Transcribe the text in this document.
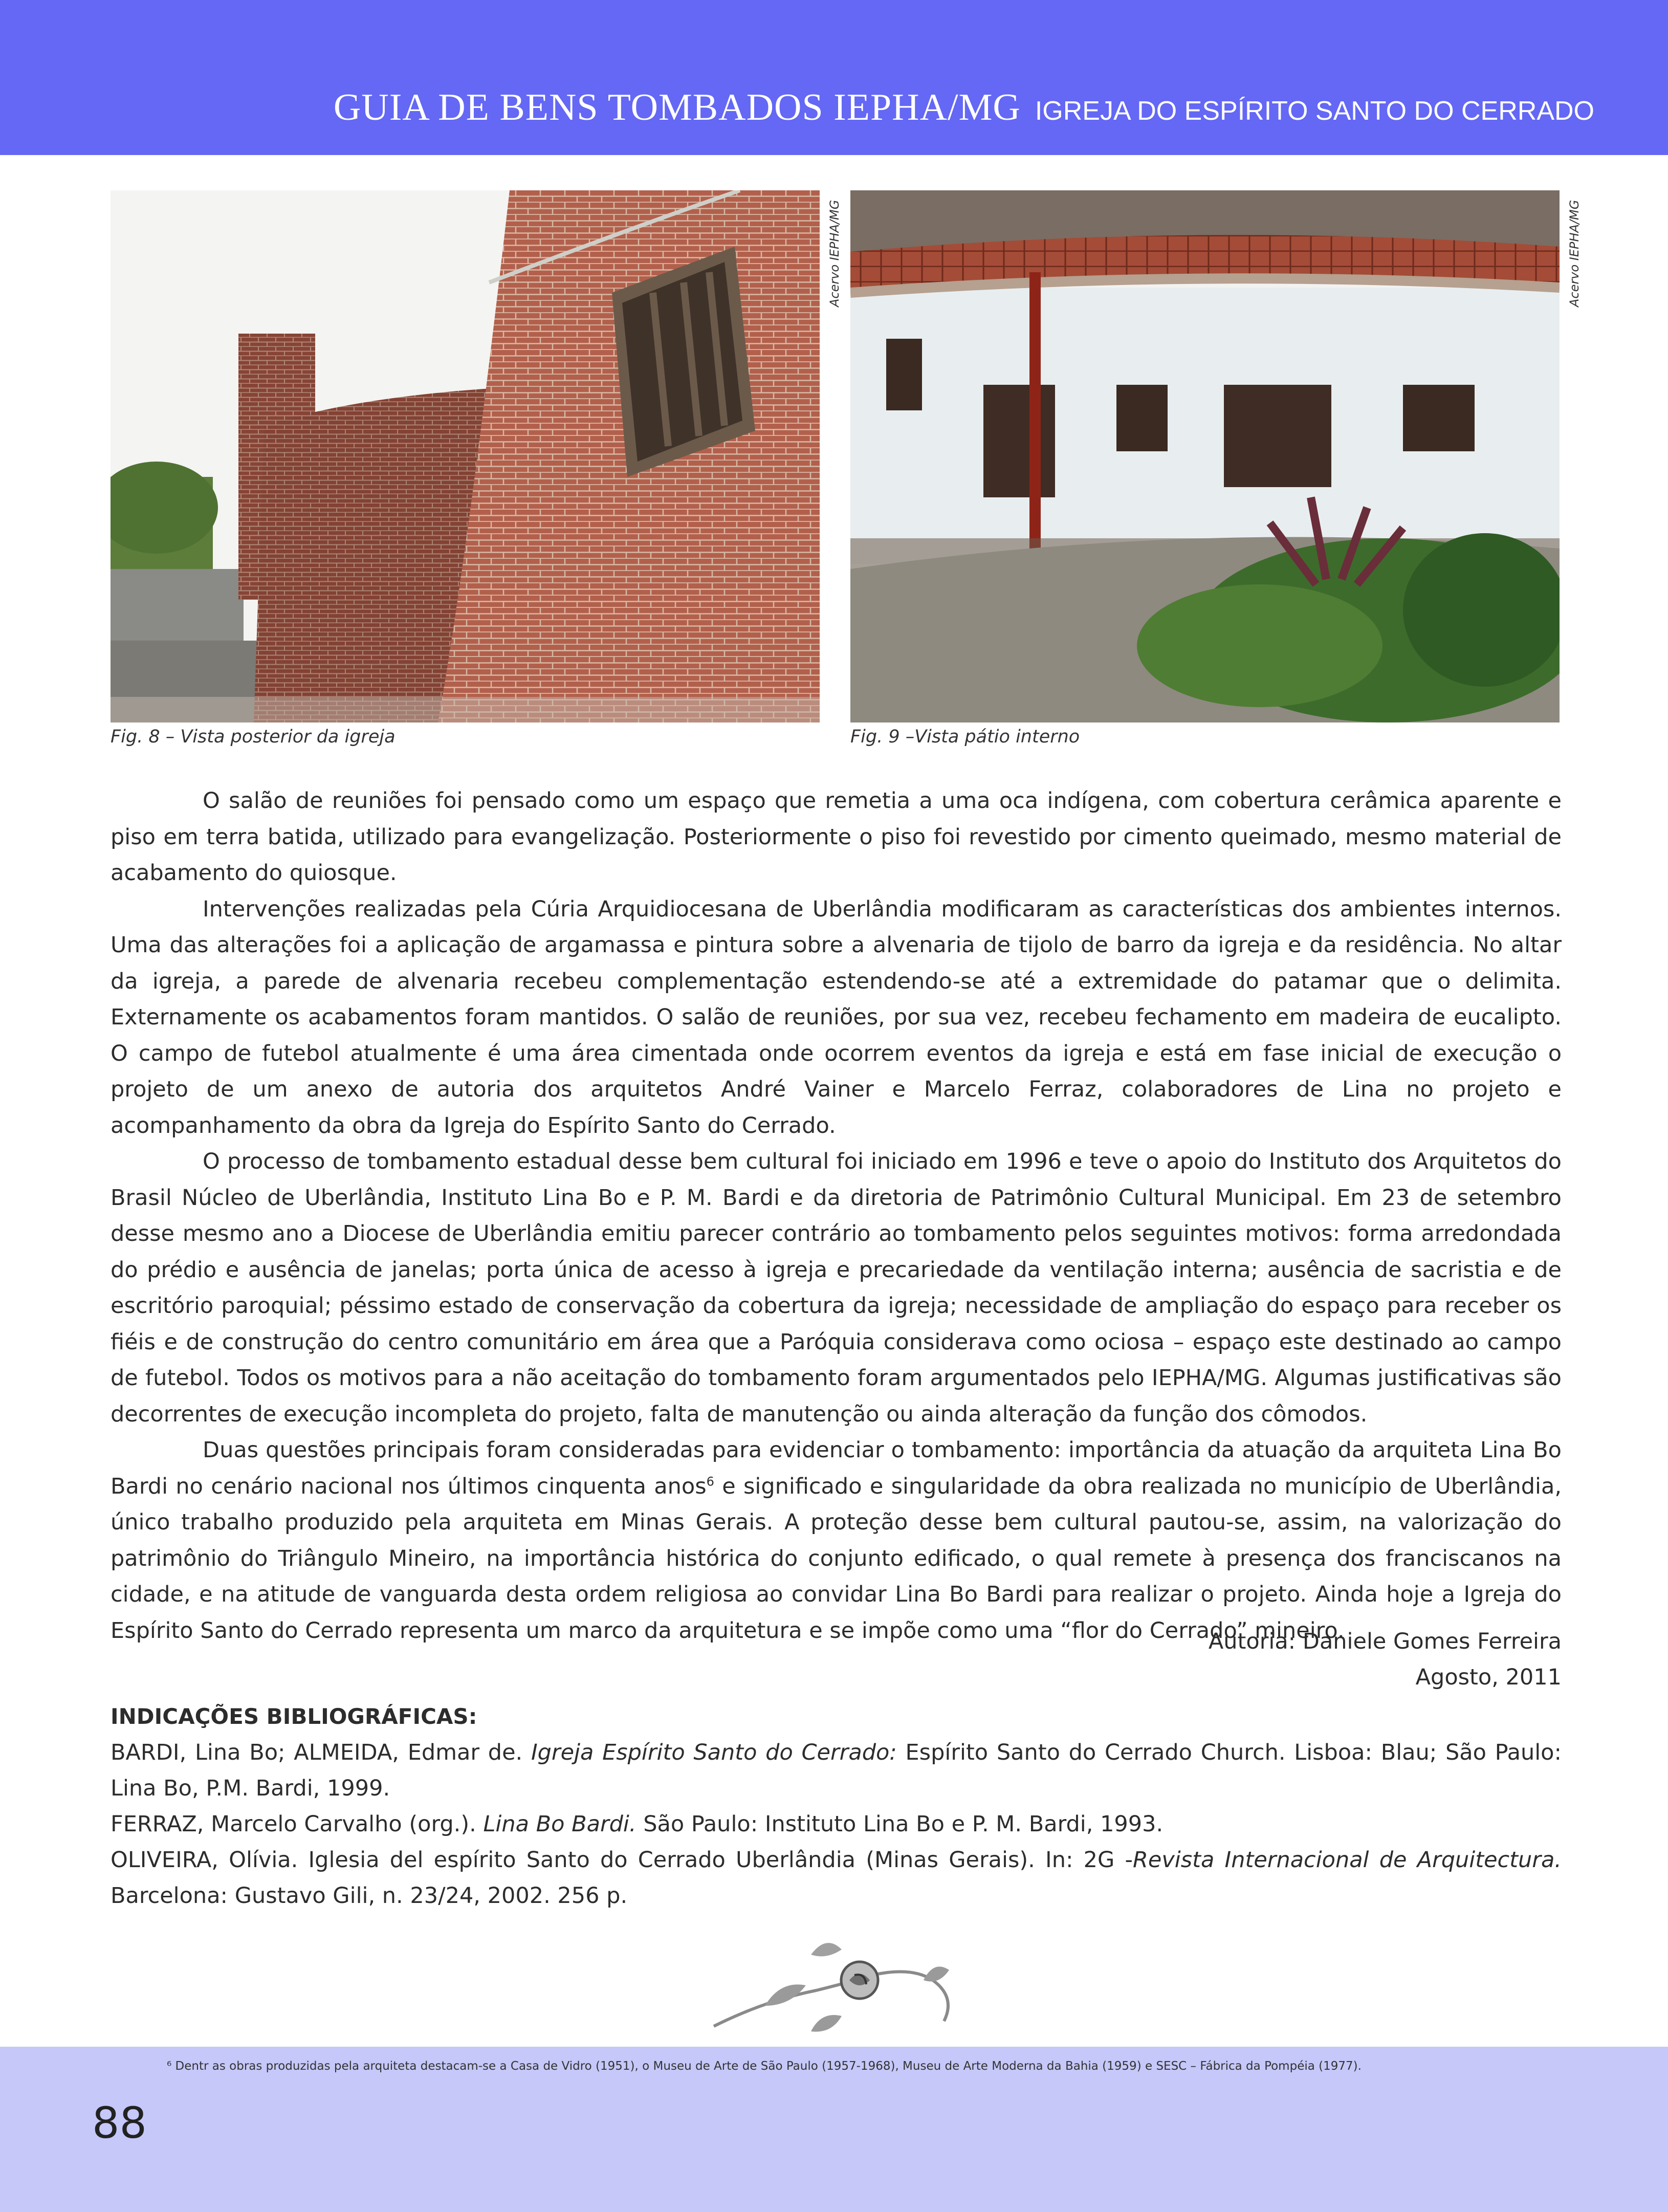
GUIA DE BENS TOMBADOS IEPHA/MG IGREJA DO ESPÍRITO SANTO DO CERRADO
Acervo IEPHA/MG
Fig. 8 – Vista posterior da igreja
Acervo IEPHA/MG
Fig. 9 –Vista pátio interno

O salão de reuniões foi pensado como um espaço que remetia a uma oca indígena, com cobertura cerâmica aparente e piso em terra batida, utilizado para evangelização. Posteriormente o piso foi revestido por cimento queimado, mesmo material de acabamento do quiosque.

Intervenções realizadas pela Cúria Arquidiocesana de Uberlândia modificaram as características dos ambientes internos. Uma das alterações foi a aplicação de argamassa e pintura sobre a alvenaria de tijolo de barro da igreja e da residência. No altar da igreja, a parede de alvenaria recebeu complementação estendendo-se até a extremidade do patamar que o delimita. Externamente os acabamentos foram mantidos. O salão de reuniões, por sua vez, recebeu fechamento em madeira de eucalipto. O campo de futebol atualmente é uma área cimentada onde ocorrem eventos da igreja e está em fase inicial de execução o projeto de um anexo de autoria dos arquitetos André Vainer e Marcelo Ferraz, colaboradores de Lina no projeto e acompanhamento da obra da Igreja do Espírito Santo do Cerrado.

O processo de tombamento estadual desse bem cultural foi iniciado em 1996 e teve o apoio do Instituto dos Arquitetos do Brasil Núcleo de Uberlândia, Instituto Lina Bo e P. M. Bardi e da diretoria de Patrimônio Cultural Municipal. Em 23 de setembro desse mesmo ano a Diocese de Uberlândia emitiu parecer contrário ao tombamento pelos seguintes motivos: forma arredondada do prédio e ausência de janelas; porta única de acesso à igreja e precariedade da ventilação interna; ausência de sacristia e de escritório paroquial; péssimo estado de conservação da cobertura da igreja; necessidade de ampliação do espaço para receber os fiéis e de construção do centro comunitário em área que a Paróquia considerava como ociosa – espaço este destinado ao campo de futebol. Todos os motivos para a não aceitação do tombamento foram argumentados pelo IEPHA/MG. Algumas justificativas são decorrentes de execução incompleta do projeto, falta de manutenção ou ainda alteração da função dos cômodos.

Duas questões principais foram consideradas para evidenciar o tombamento: importância da atuação da arquiteta Lina Bo Bardi no cenário nacional nos últimos cinquenta anos$^6$ e significado e singularidade da obra realizada no município de Uberlândia, único trabalho produzido pela arquiteta em Minas Gerais. A proteção desse bem cultural pautou-se, assim, na valorização do patrimônio do Triângulo Mineiro, na importância histórica do conjunto edificado, o qual remete à presença dos franciscanos na cidade, e na atitude de vanguarda desta ordem religiosa ao convidar Lina Bo Bardi para realizar o projeto. Ainda hoje a Igreja do Espírito Santo do Cerrado representa um marco da arquitetura e se impõe como uma “flor do Cerrado” mineiro.

Autoria: Daniele Gomes Ferreira
Agosto, 2011
INDICAÇÕES BIBLIOGRÁFICAS:

BARDI, Lina Bo; ALMEIDA, Edmar de. Igreja Espírito Santo do Cerrado: Espírito Santo do Cerrado Church. Lisboa: Blau; São Paulo: Lina Bo, P.M. Bardi, 1999.

FERRAZ, Marcelo Carvalho (org.). Lina Bo Bardi. São Paulo: Instituto Lina Bo e P. M. Bardi, 1993.

OLIVEIRA, Olívia. Iglesia del espírito Santo do Cerrado Uberlândia (Minas Gerais). In: 2G -Revista Internacional de Arquitectura. Barcelona: Gustavo Gili, n. 23/24, 2002. 256 p.

⁶ Dentr as obras produzidas pela arquiteta destacam-se a Casa de Vidro (1951), o Museu de Arte de São Paulo (1957-1968), Museu de Arte Moderna da Bahia (1959) e SESC – Fábrica da Pompéia (1977).
88
